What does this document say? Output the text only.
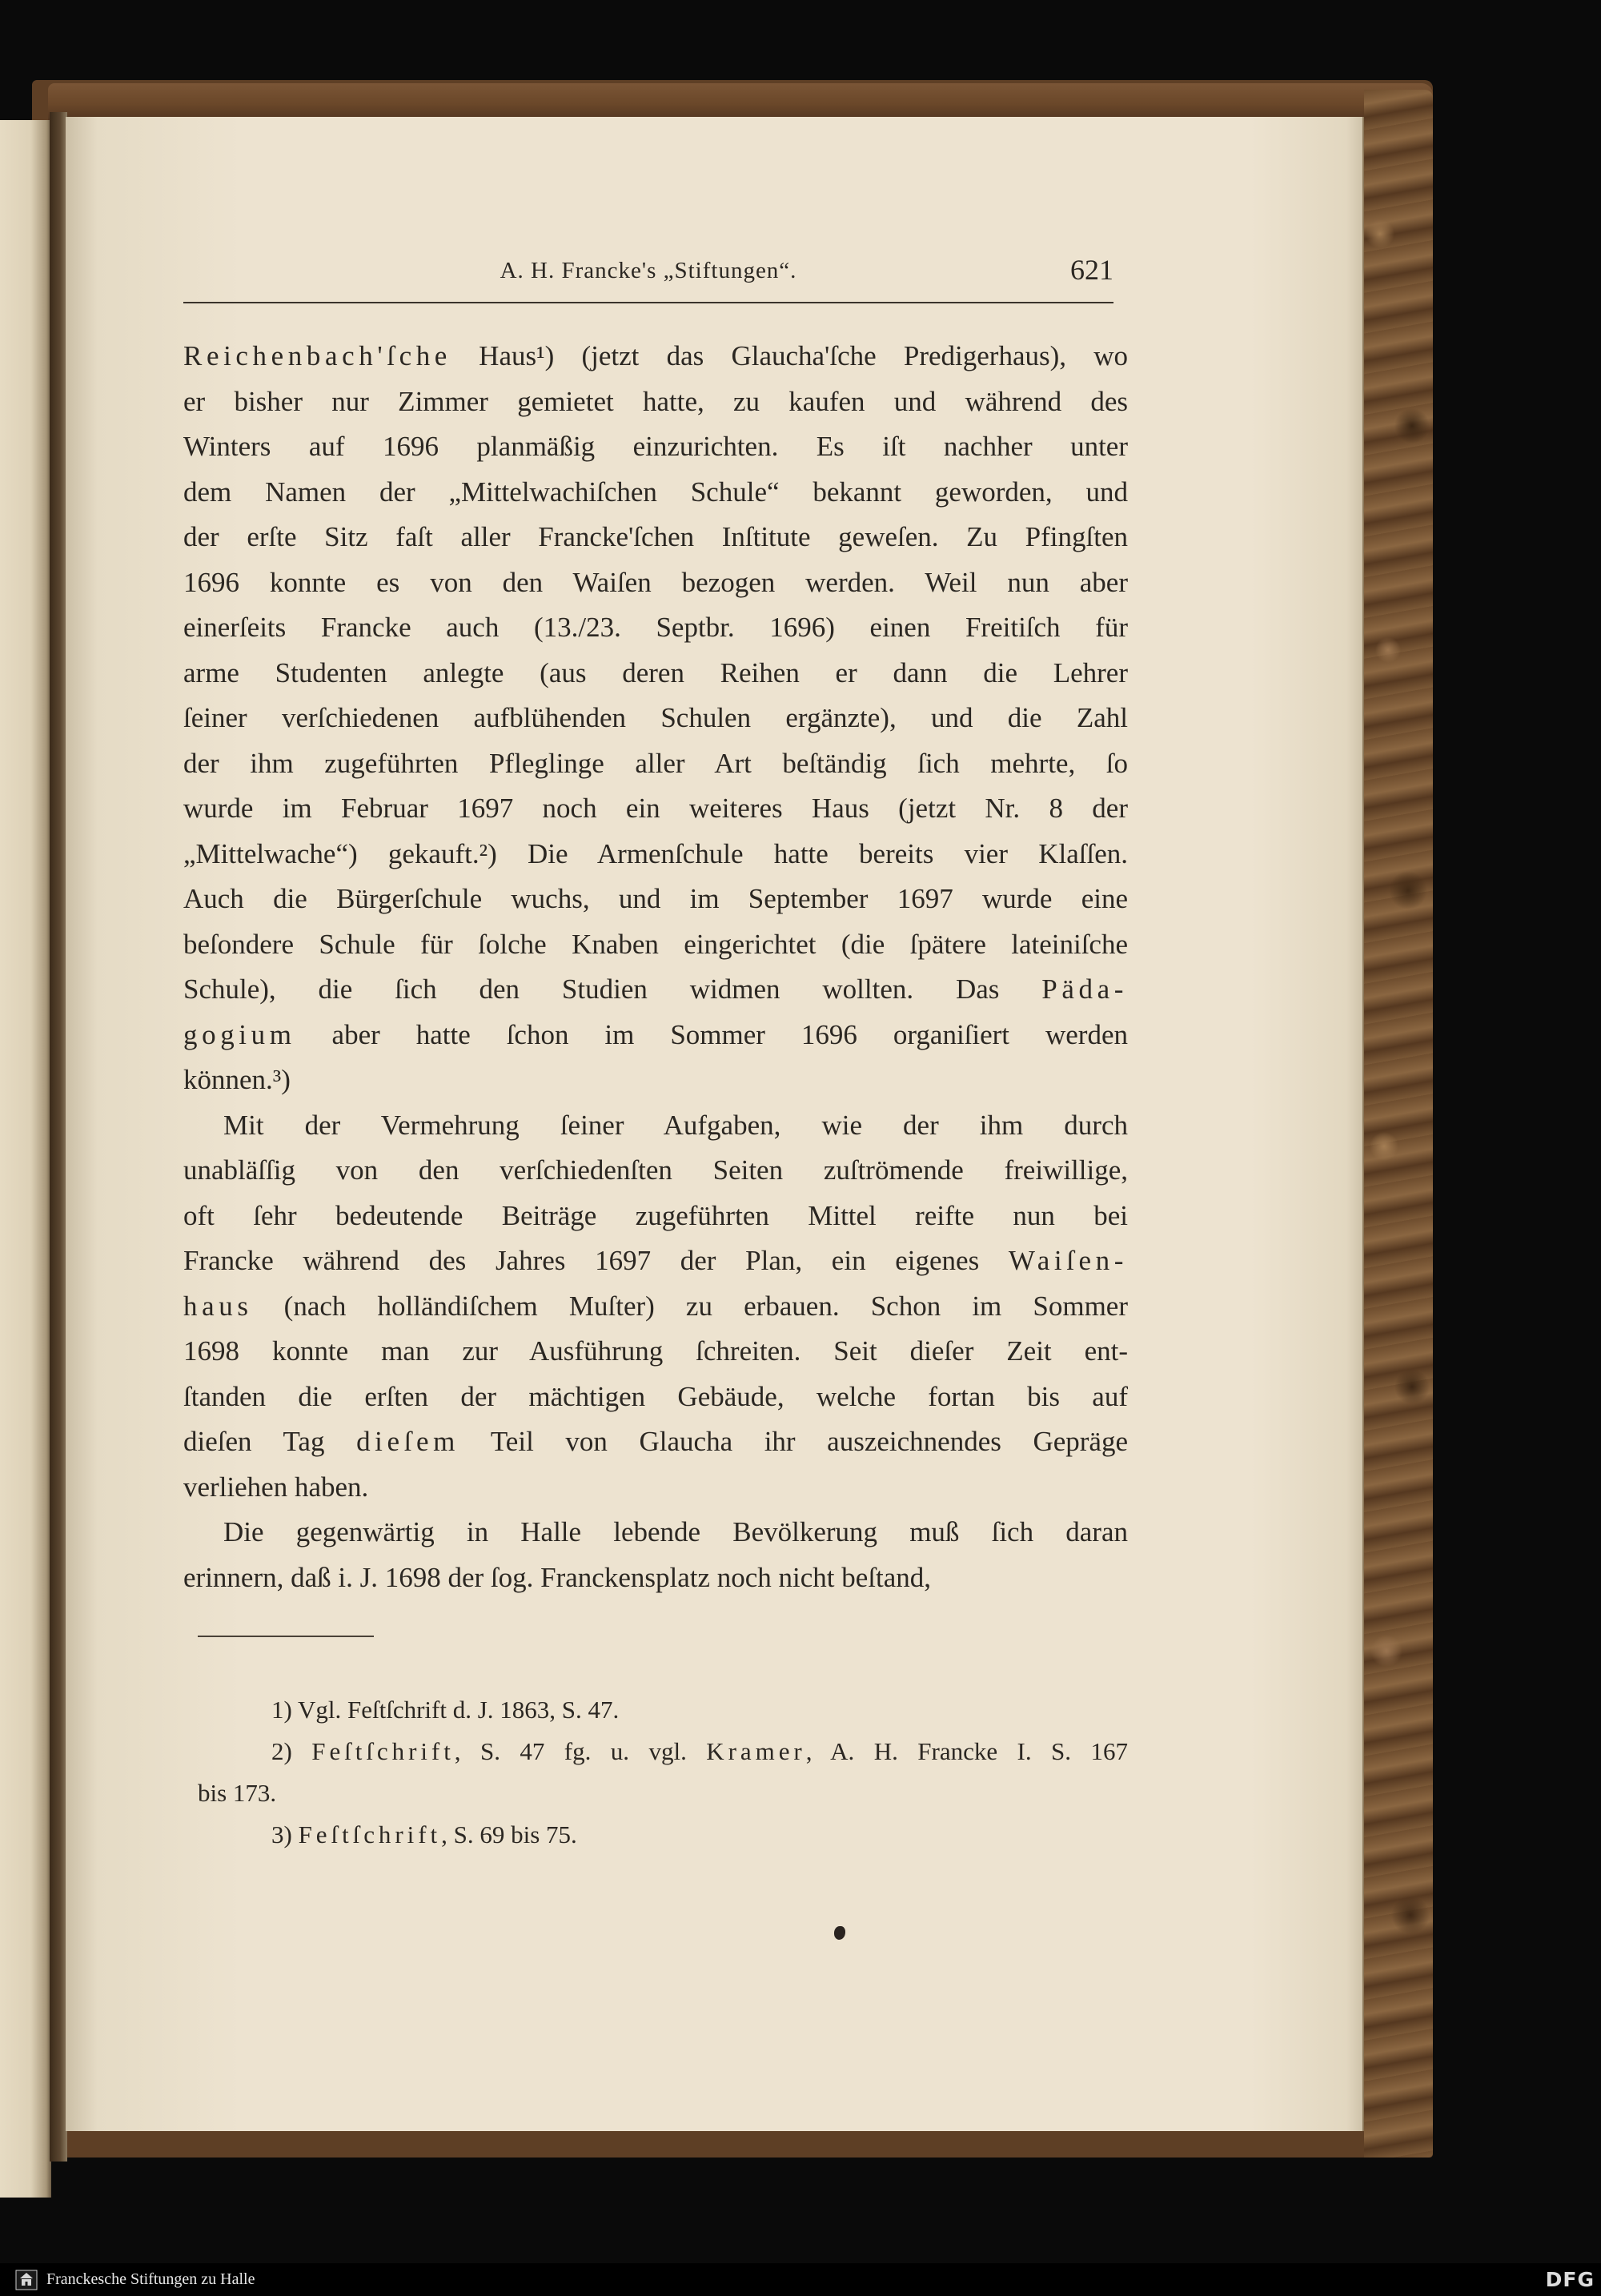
A. H. Francke's „Stiftungen“.	621
Reichenbach'ſche Haus¹) (jetzt das Glaucha'ſche Predigerhaus), wo
er bisher nur Zimmer gemietet hatte, zu kaufen und während des
Winters auf 1696 planmäßig einzurichten. Es iſt nachher unter
dem Namen der „Mittelwachiſchen Schule“ bekannt geworden, und
der erſte Sitz faſt aller Francke'ſchen Inſtitute geweſen. Zu Pfingſten
1696 konnte es von den Waiſen bezogen werden. Weil nun aber
einerſeits Francke auch (13./23. Septbr. 1696) einen Freitiſch für
arme Studenten anlegte (aus deren Reihen er dann die Lehrer
ſeiner verſchiedenen aufblühenden Schulen ergänzte), und die Zahl
der ihm zugeführten Pfleglinge aller Art beſtändig ſich mehrte, ſo
wurde im Februar 1697 noch ein weiteres Haus (jetzt Nr. 8 der
„Mittelwache“) gekauft.²) Die Armenſchule hatte bereits vier Klaſſen.
Auch die Bürgerſchule wuchs, und im September 1697 wurde eine
beſondere Schule für ſolche Knaben eingerichtet (die ſpätere lateiniſche
Schule), die ſich den Studien widmen wollten. Das Päda-
gogium aber hatte ſchon im Sommer 1696 organiſiert werden
können.³)
Mit der Vermehrung ſeiner Aufgaben, wie der ihm durch
unabläſſig von den verſchiedenſten Seiten zuſtrömende freiwillige,
oft ſehr bedeutende Beiträge zugeführten Mittel reifte nun bei
Francke während des Jahres 1697 der Plan, ein eigenes Waiſen-
haus (nach holländiſchem Muſter) zu erbauen. Schon im Sommer
1698 konnte man zur Ausführung ſchreiten. Seit dieſer Zeit ent-
ſtanden die erſten der mächtigen Gebäude, welche fortan bis auf
dieſen Tag dieſem Teil von Glaucha ihr auszeichnendes Gepräge
verliehen haben.
Die gegenwärtig in Halle lebende Bevölkerung muß ſich daran
erinnern, daß i. J. 1698 der ſog. Franckensplatz noch nicht beſtand,
1) Vgl. Feſtſchrift d. J. 1863, S. 47.
2) Feſtſchrift, S. 47 fg. u. vgl. Kramer, A. H. Francke I. S. 167
bis 173.
3) Feſtſchrift, S. 69 bis 75.
Franckesche Stiftungen zu Halle	DFG
